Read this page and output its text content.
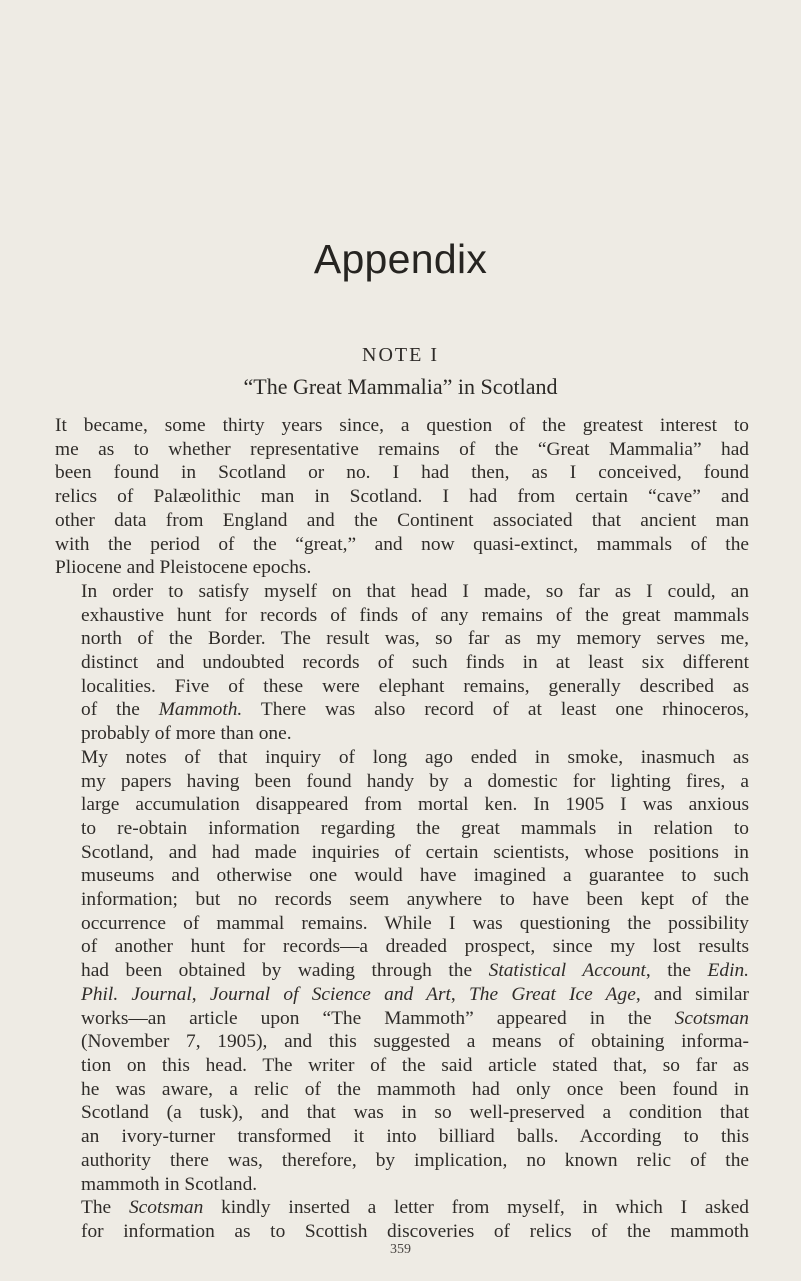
Appendix
NOTE I
“The Great Mammalia” in Scotland
It became, some thirty years since, a question of the greatest interest to
me as to whether representative remains of the “Great Mammalia” had
been found in Scotland or no. I had then, as I conceived, found
relics of Palæolithic man in Scotland. I had from certain “cave” and
other data from England and the Continent associated that ancient man
with the period of the “great,” and now quasi-extinct, mammals of the
Pliocene and Pleistocene epochs.
In order to satisfy myself on that head I made, so far as I could, an
exhaustive hunt for records of finds of any remains of the great mammals
north of the Border. The result was, so far as my memory serves me,
distinct and undoubted records of such finds in at least six different
localities. Five of these were elephant remains, generally described as
of the Mammoth. There was also record of at least one rhinoceros,
probably of more than one.
My notes of that inquiry of long ago ended in smoke, inasmuch as
my papers having been found handy by a domestic for lighting fires, a
large accumulation disappeared from mortal ken. In 1905 I was anxious
to re-obtain information regarding the great mammals in relation to
Scotland, and had made inquiries of certain scientists, whose positions in
museums and otherwise one would have imagined a guarantee to such
information; but no records seem anywhere to have been kept of the
occurrence of mammal remains. While I was questioning the possibility
of another hunt for records—a dreaded prospect, since my lost results
had been obtained by wading through the Statistical Account, the Edin.
Phil. Journal, Journal of Science and Art, The Great Ice Age, and similar
works—an article upon “The Mammoth” appeared in the Scotsman
(November 7, 1905), and this suggested a means of obtaining informa-
tion on this head. The writer of the said article stated that, so far as
he was aware, a relic of the mammoth had only once been found in
Scotland (a tusk), and that was in so well-preserved a condition that
an ivory-turner transformed it into billiard balls. According to this
authority there was, therefore, by implication, no known relic of the
mammoth in Scotland.
The Scotsman kindly inserted a letter from myself, in which I asked
for information as to Scottish discoveries of relics of the mammoth
359
